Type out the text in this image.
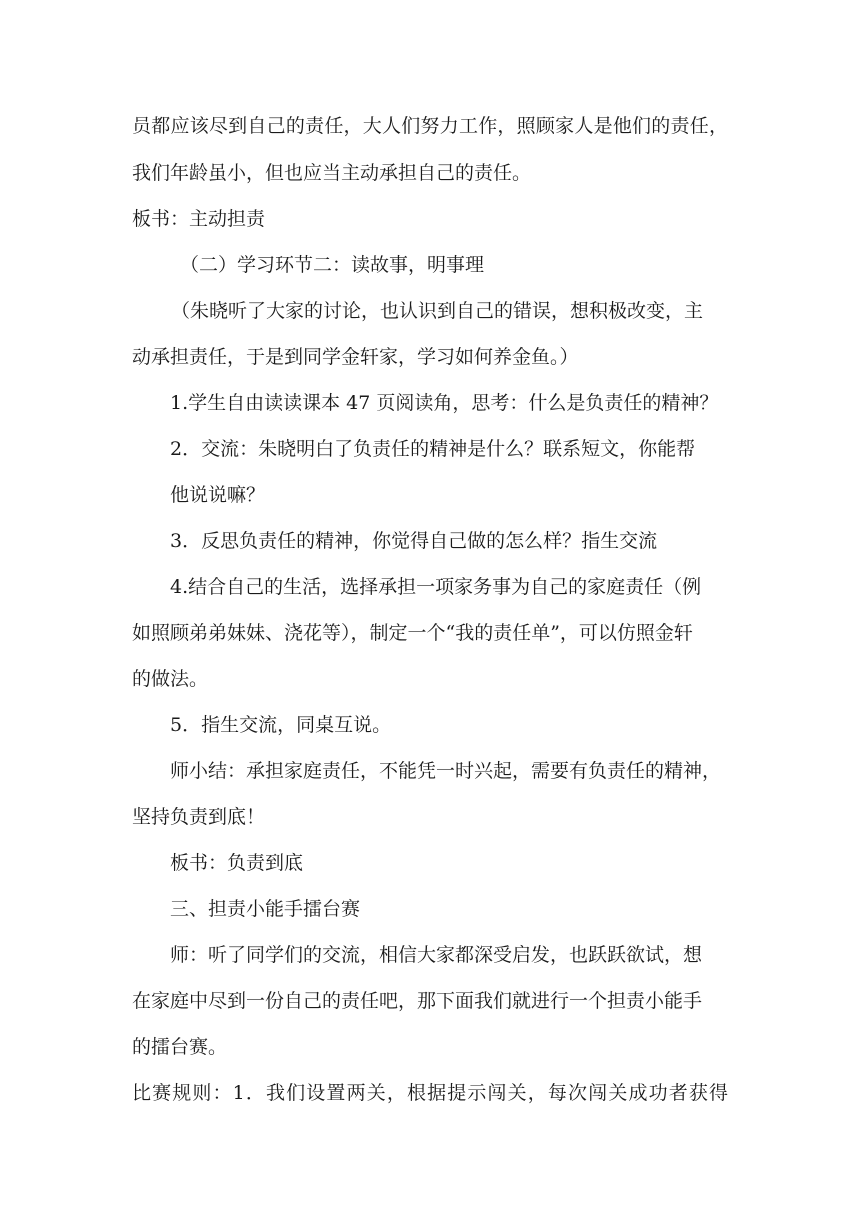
员都应该尽到自己的责任，大人们努力工作，照顾家人是他们的责任，
我们年龄虽小，但也应当主动承担自己的责任。
板书：主动担责
（二）学习环节二：读故事，明事理
（朱晓听了大家的讨论，也认识到自己的错误，想积极改变，主
动承担责任，于是到同学金轩家，学习如何养金鱼。）
1.学生自由读读课本 47 页阅读角，思考：什么是负责任的精神？
2．交流：朱晓明白了负责任的精神是什么？联系短文，你能帮
他说说嘛？
3．反思负责任的精神，你觉得自己做的怎么样？指生交流
4.结合自己的生活，选择承担一项家务事为自己的家庭责任（例
如照顾弟弟妹妹、浇花等），制定一个“我的责任单”，可以仿照金轩
的做法。
5．指生交流，同桌互说。
师小结：承担家庭责任，不能凭一时兴起，需要有负责任的精神，
坚持负责到底！
板书：负责到底
三、担责小能手擂台赛
师：听了同学们的交流，相信大家都深受启发，也跃跃欲试，想
在家庭中尽到一份自己的责任吧，那下面我们就进行一个担责小能手
的擂台赛。
比赛规则：1．我们设置两关，根据提示闯关，每次闯关成功者获得
